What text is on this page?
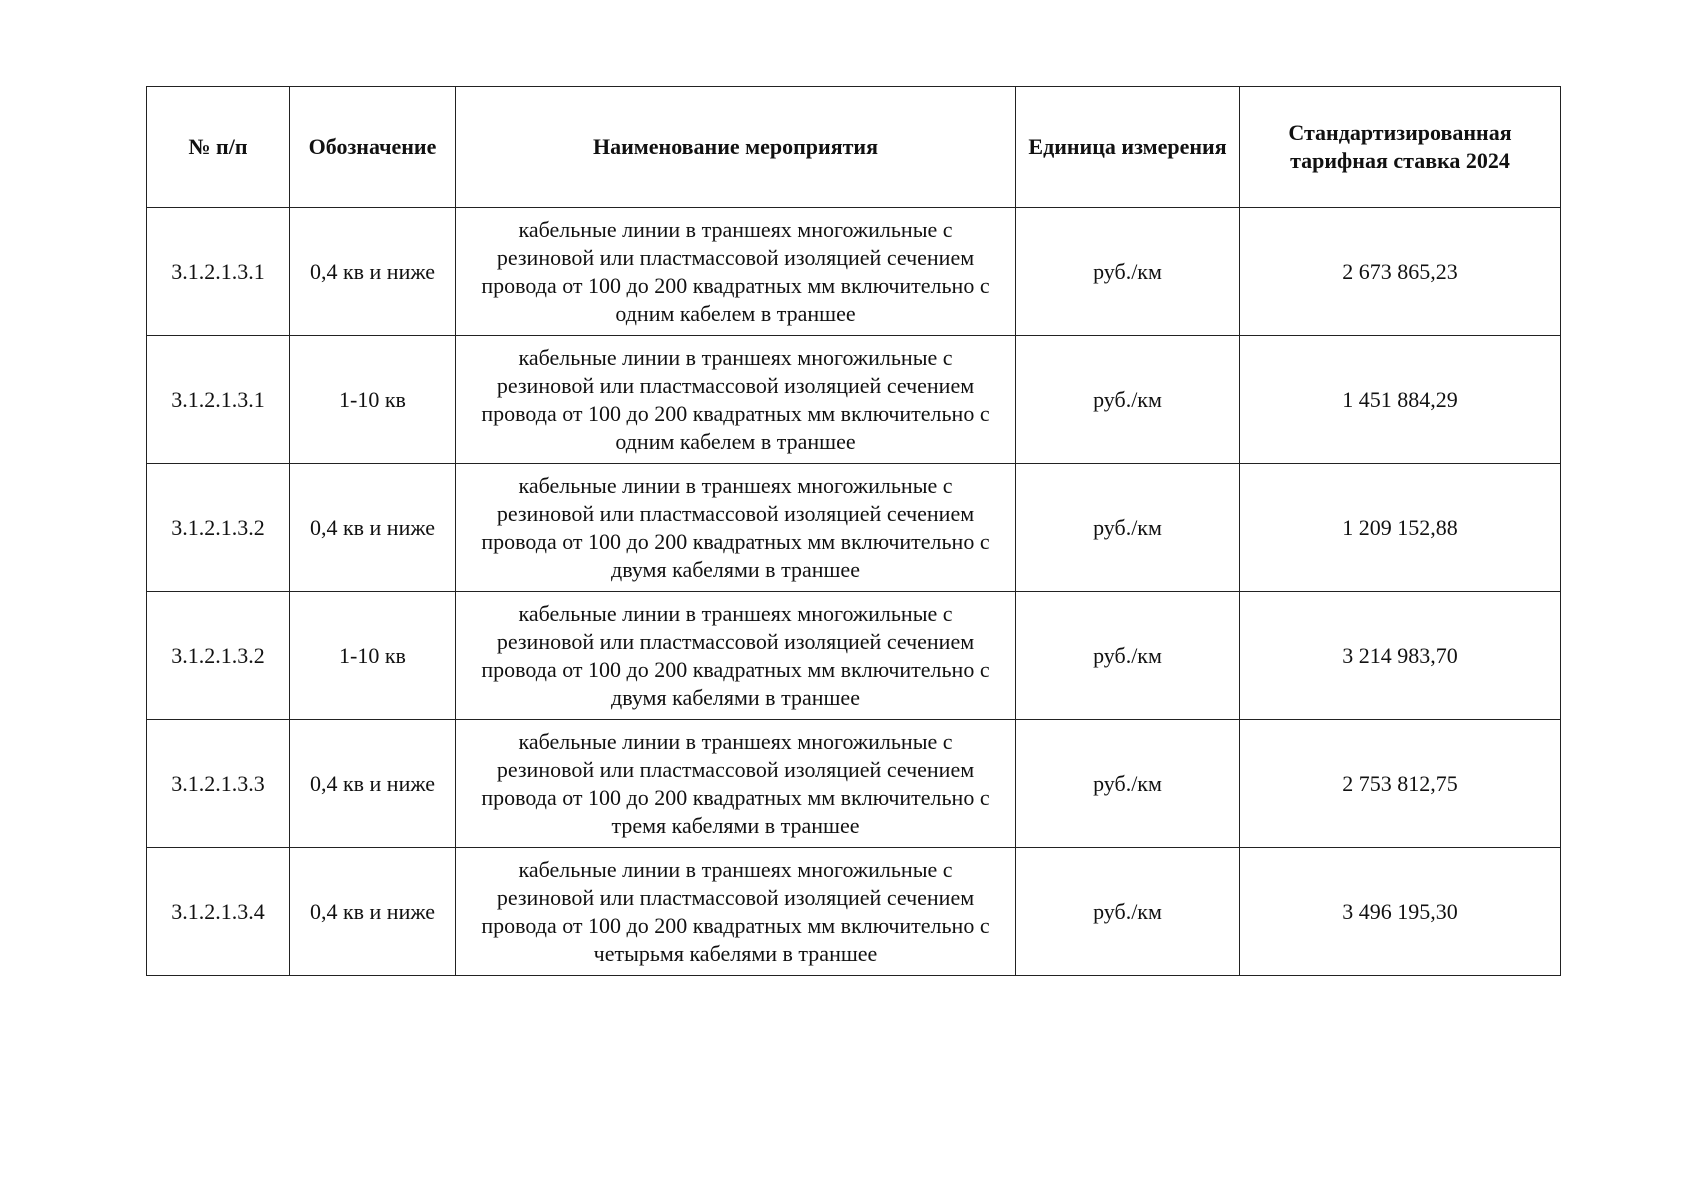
№ п/п	Обозначение	Наименование мероприятия	Единица измерения	Стандартизированная тарифная ставка 2024
3.1.2.1.3.1	0,4 кв и ниже	кабельные линии в траншеях многожильные с резиновой или пластмассовой изоляцией сечением провода от 100 до 200 квадратных мм включительно с одним кабелем в траншее	руб./км	2 673 865,23
3.1.2.1.3.1	1-10 кв	кабельные линии в траншеях многожильные с резиновой или пластмассовой изоляцией сечением провода от 100 до 200 квадратных мм включительно с одним кабелем в траншее	руб./км	1 451 884,29
3.1.2.1.3.2	0,4 кв и ниже	кабельные линии в траншеях многожильные с резиновой или пластмассовой изоляцией сечением провода от 100 до 200 квадратных мм включительно с двумя кабелями в траншее	руб./км	1 209 152,88
3.1.2.1.3.2	1-10 кв	кабельные линии в траншеях многожильные с резиновой или пластмассовой изоляцией сечением провода от 100 до 200 квадратных мм включительно с двумя кабелями в траншее	руб./км	3 214 983,70
3.1.2.1.3.3	0,4 кв и ниже	кабельные линии в траншеях многожильные с резиновой или пластмассовой изоляцией сечением провода от 100 до 200 квадратных мм включительно с тремя кабелями в траншее	руб./км	2 753 812,75
3.1.2.1.3.4	0,4 кв и ниже	кабельные линии в траншеях многожильные с резиновой или пластмассовой изоляцией сечением провода от 100 до 200 квадратных мм включительно с четырьмя кабелями в траншее	руб./км	3 496 195,30
